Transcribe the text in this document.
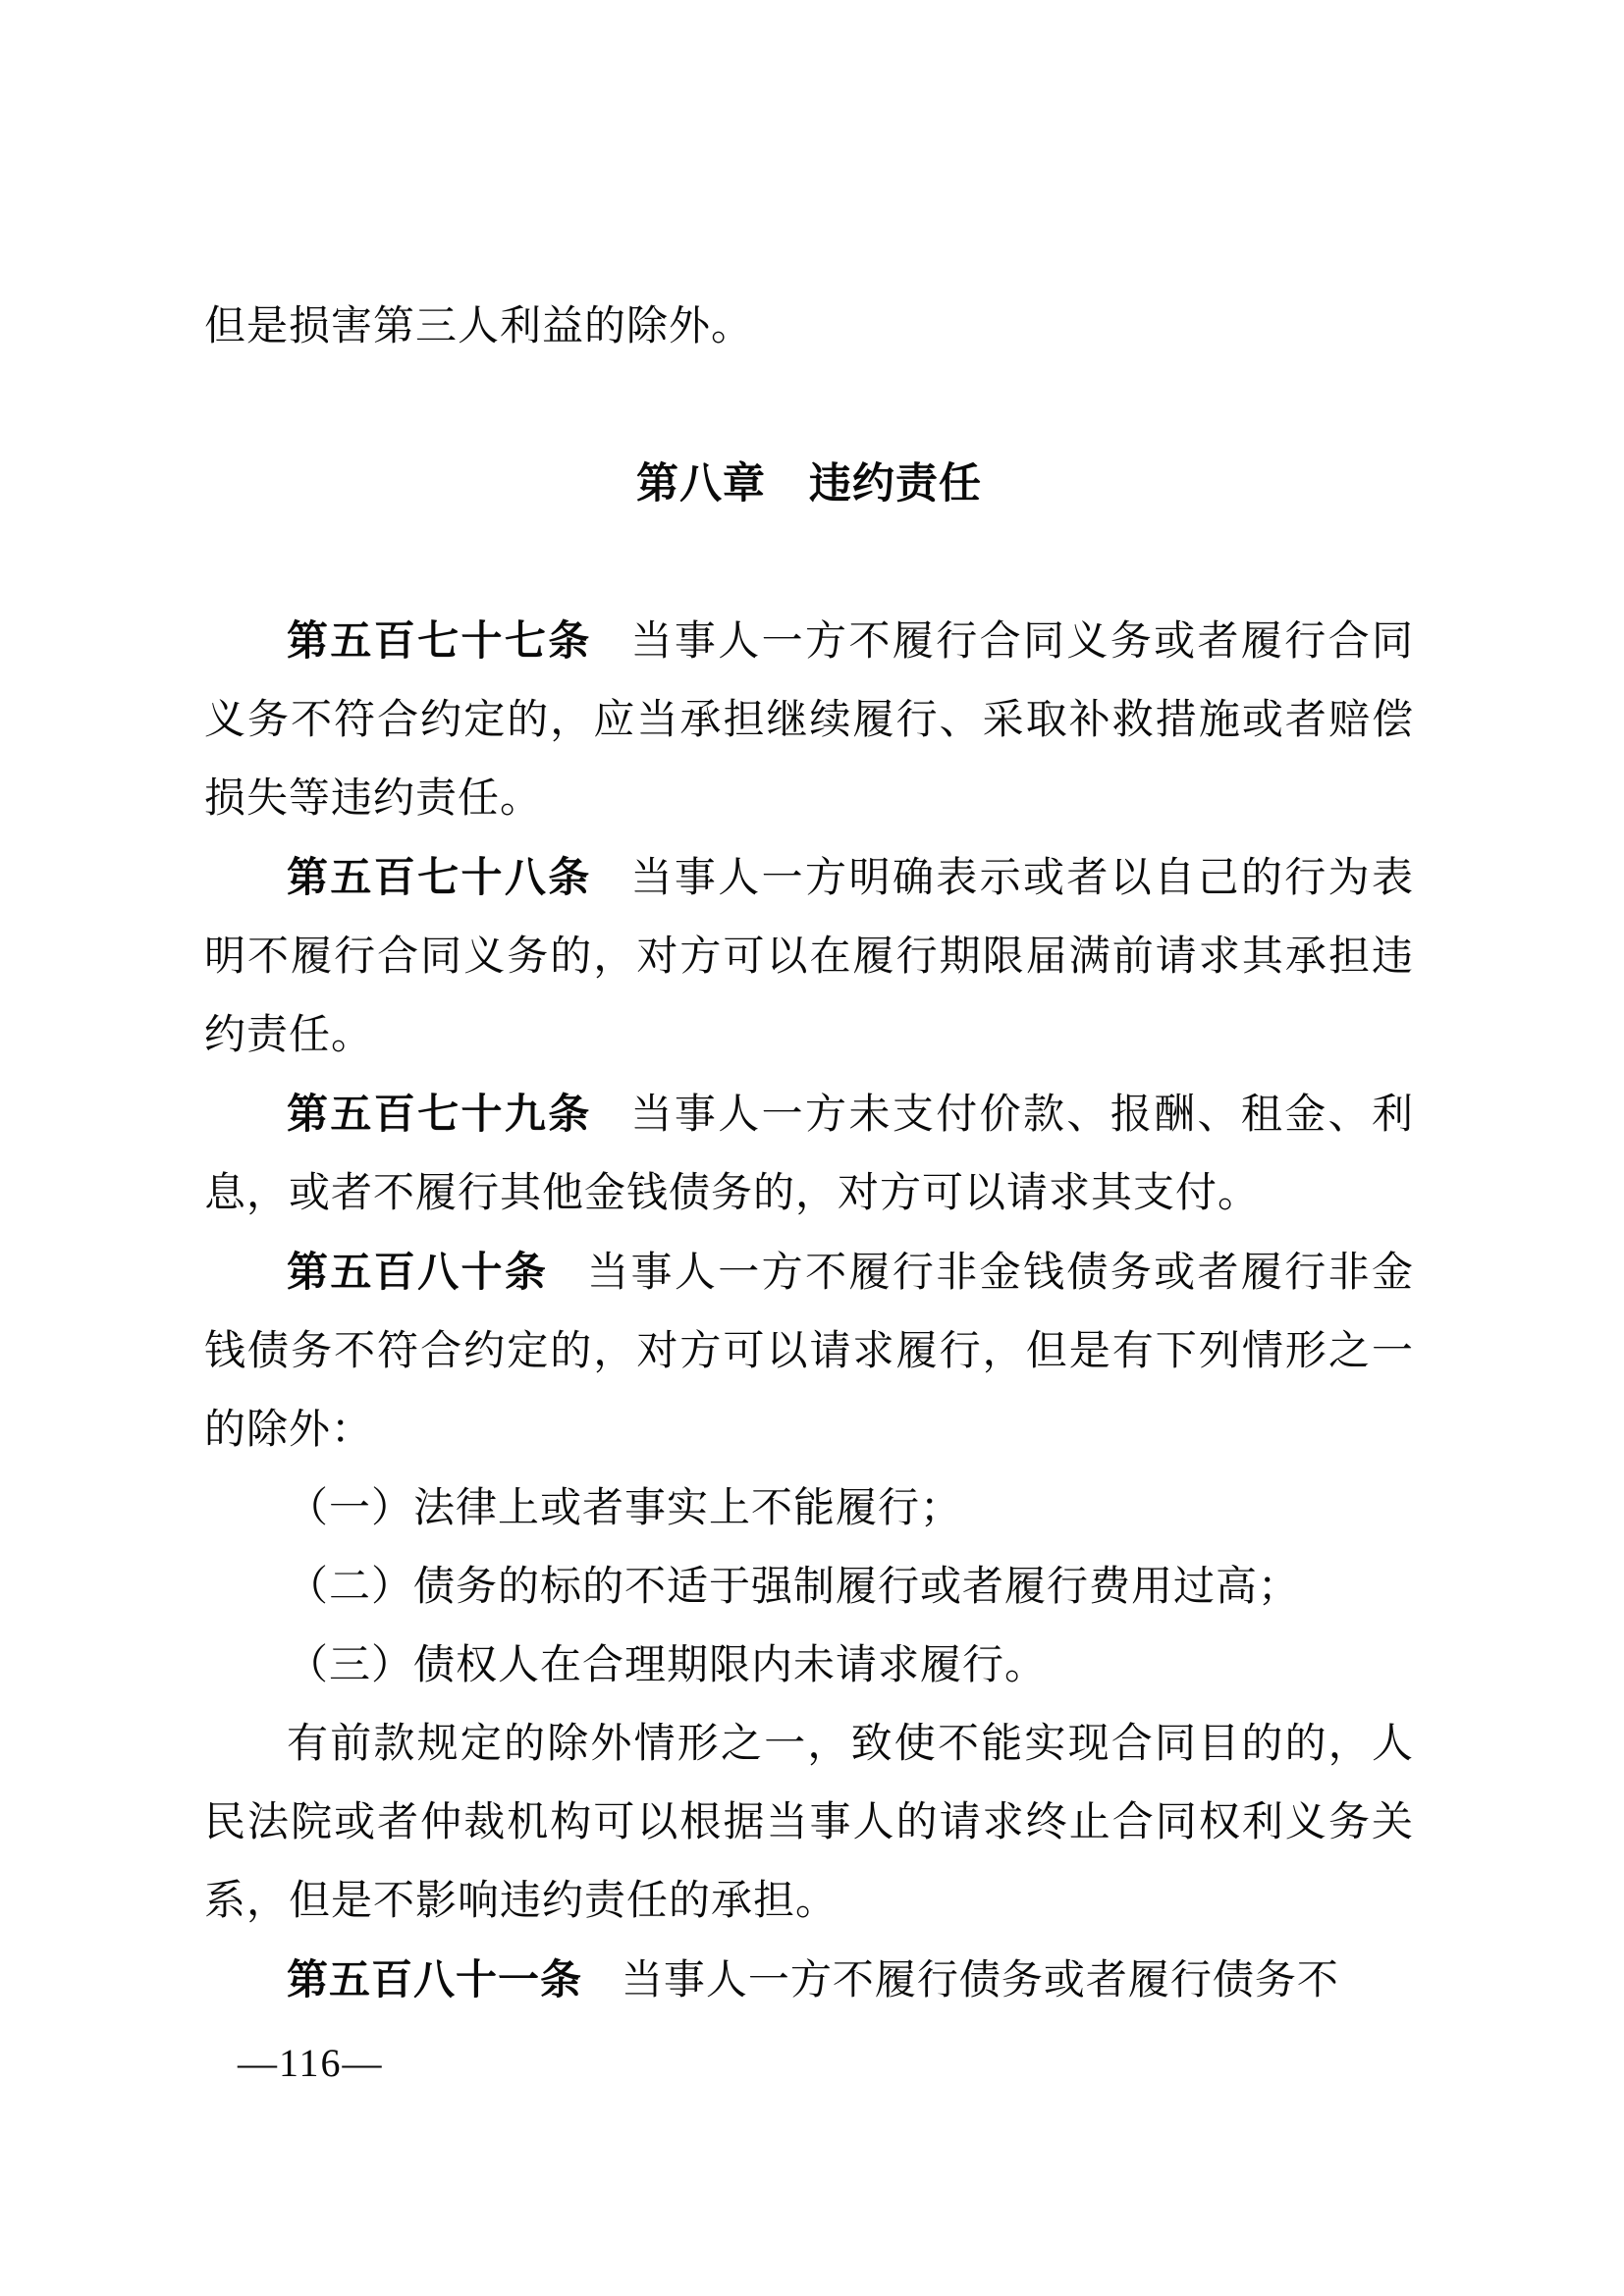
但是损害第三人利益的除外。

第八章　违约责任

第五百七十七条 当事人一方不履行合同义务或者履行合同义务不符合约定的，应当承担继续履行、采取补救措施或者赔偿损失等违约责任。

第五百七十八条 当事人一方明确表示或者以自己的行为表明不履行合同义务的，对方可以在履行期限届满前请求其承担违约责任。

第五百七十九条 当事人一方未支付价款、报酬、租金、利息，或者不履行其他金钱债务的，对方可以请求其支付。

第五百八十条 当事人一方不履行非金钱债务或者履行非金钱债务不符合约定的，对方可以请求履行，但是有下列情形之一的除外：

（一）法律上或者事实上不能履行；

（二）债务的标的不适于强制履行或者履行费用过高；

（三）债权人在合理期限内未请求履行。

有前款规定的除外情形之一，致使不能实现合同目的的，人民法院或者仲裁机构可以根据当事人的请求终止合同权利义务关系，但是不影响违约责任的承担。

第五百八十一条 当事人一方不履行债务或者履行债务不

—116—
